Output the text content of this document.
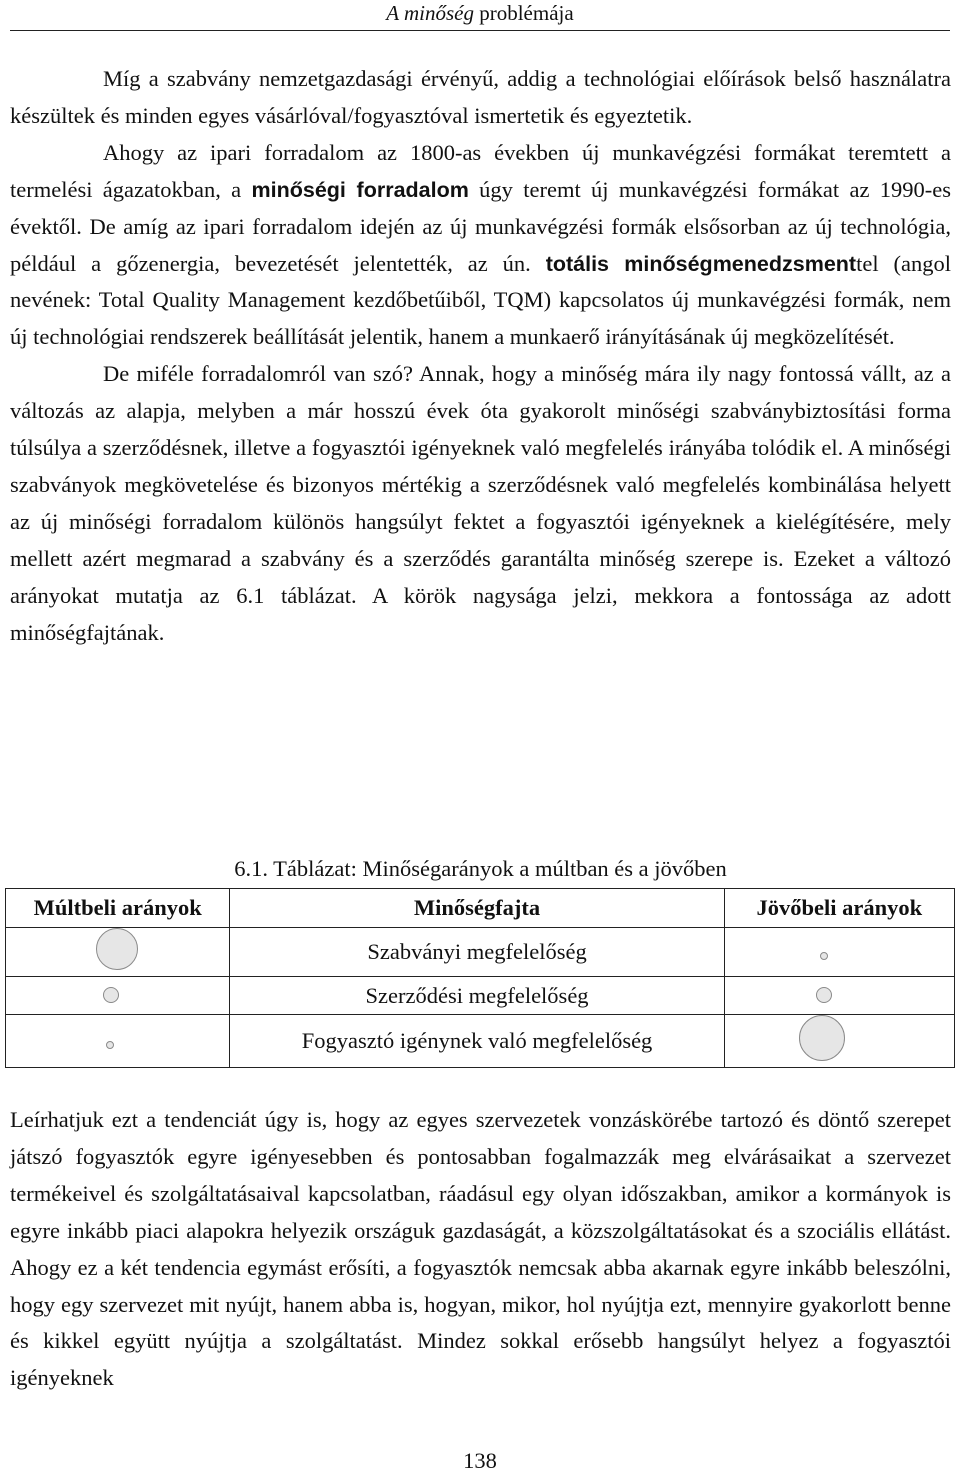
A minőség problémája

Míg a szabvány nemzetgazdasági érvényű, addig a technológiai előírások belső használatra készültek és minden egyes vásárlóval/fogyasztóval ismertetik és egyeztetik.

Ahogy az ipari forradalom az 1800-as években új munkavégzési formákat teremtett a termelési ágazatokban, a minőségi forradalom úgy teremt új munkavégzési formákat az 1990-es évektől. De amíg az ipari forradalom idején az új munkavégzési formák elsősorban az új technológia, például a gőzenergia, bevezetését jelentették, az ún. totális minőségmenedzsmenttel (angol nevének: Total Quality Management kezdőbetűiből, TQM) kapcsolatos új munkavégzési formák, nem új technológiai rendszerek beállítását jelentik, hanem a munkaerő irányításának új megközelítését.

De miféle forradalomról van szó? Annak, hogy a minőség mára ily nagy fontossá vállt, az a változás az alapja, melyben a már hosszú évek óta gyakorolt minőségi szabványbiztosítási forma túlsúlya a szerződésnek, illetve a fogyasztói igényeknek való megfelelés irányába tolódik el. A minőségi szabványok megkövetelése és bizonyos mértékig a szerződésnek való megfelelés kombinálása helyett az új minőségi forradalom különös hangsúlyt fektet a fogyasztói igényeknek a kielégítésére, mely mellett azért megmarad a szabvány és a szerződés garantálta minőség szerepe is. Ezeket a változó arányokat mutatja az 6.1 táblázat. A körök nagysága jelzi, mekkora a fontossága az adott minőségfajtának.

6.1. Táblázat: Minőségarányok a múltban és a jövőben
Múltbeli arányok	Minőségfajta	Jövőbeli arányok
	Szabványi megfelelőség	
	Szerződési megfelelőség	
	Fogyasztó igénynek való megfelelőség	

Leírhatjuk ezt a tendenciát úgy is, hogy az egyes szervezetek vonzáskörébe tartozó és döntő szerepet játszó fogyasztók egyre igényesebben és pontosabban fogalmazzák meg elvárásaikat a szervezet termékeivel és szolgáltatásaival kapcsolatban, ráadásul egy olyan időszakban, amikor a kormányok is egyre inkább piaci alapokra helyezik országuk gazdaságát, a közszolgáltatásokat és a szociális ellátást. Ahogy ez a két tendencia egymást erősíti, a fogyasztók nemcsak abba akarnak egyre inkább beleszólni, hogy egy szervezet mit nyújt, hanem abba is, hogyan, mikor, hol nyújtja ezt, mennyire gyakorlott benne és kikkel együtt nyújtja a szolgáltatást. Mindez sokkal erősebb hangsúlyt helyez a fogyasztói igényeknek

138
